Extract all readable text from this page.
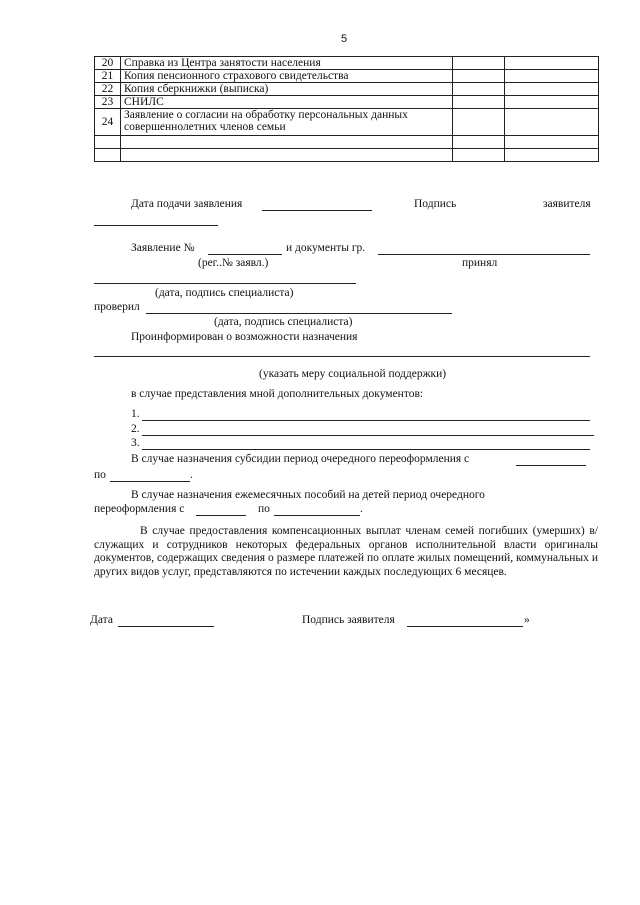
5
20	Справка из Центра занятости населения		
21	Копия пенсионного страхового свидетельства		
22	Копия сберкнижки (выписка)		
23	СНИЛС		
24	Заявление о согласии на обработку персональных данных совершеннолетних членов семьи		

Дата подачи заявления	Подпись	заявителя
Заявление №	и документы гр.
(рег..№ заявл.)	принял
(дата, подпись специалиста)
проверил
(дата, подпись специалиста)
Проинформирован о возможности назначения
(указать меру социальной поддержки)
в случае представления мной дополнительных документов:
1.
2.
3.
В случае назначения субсидии период очередного переоформления с
по	.
В случае назначения ежемесячных пособий на детей период очередного
переоформления с	по	.
В случае предоставления компенсационных выплат членам семей погибших (умерших) в/служащих и сотрудников некоторых федеральных органов исполнительной власти оригиналы документов, содержащих сведения о размере платежей по оплате жилых помещений, коммунальных и других видов услуг, представляются по истечении каждых последующих 6 месяцев.
Дата	Подпись заявителя	»
